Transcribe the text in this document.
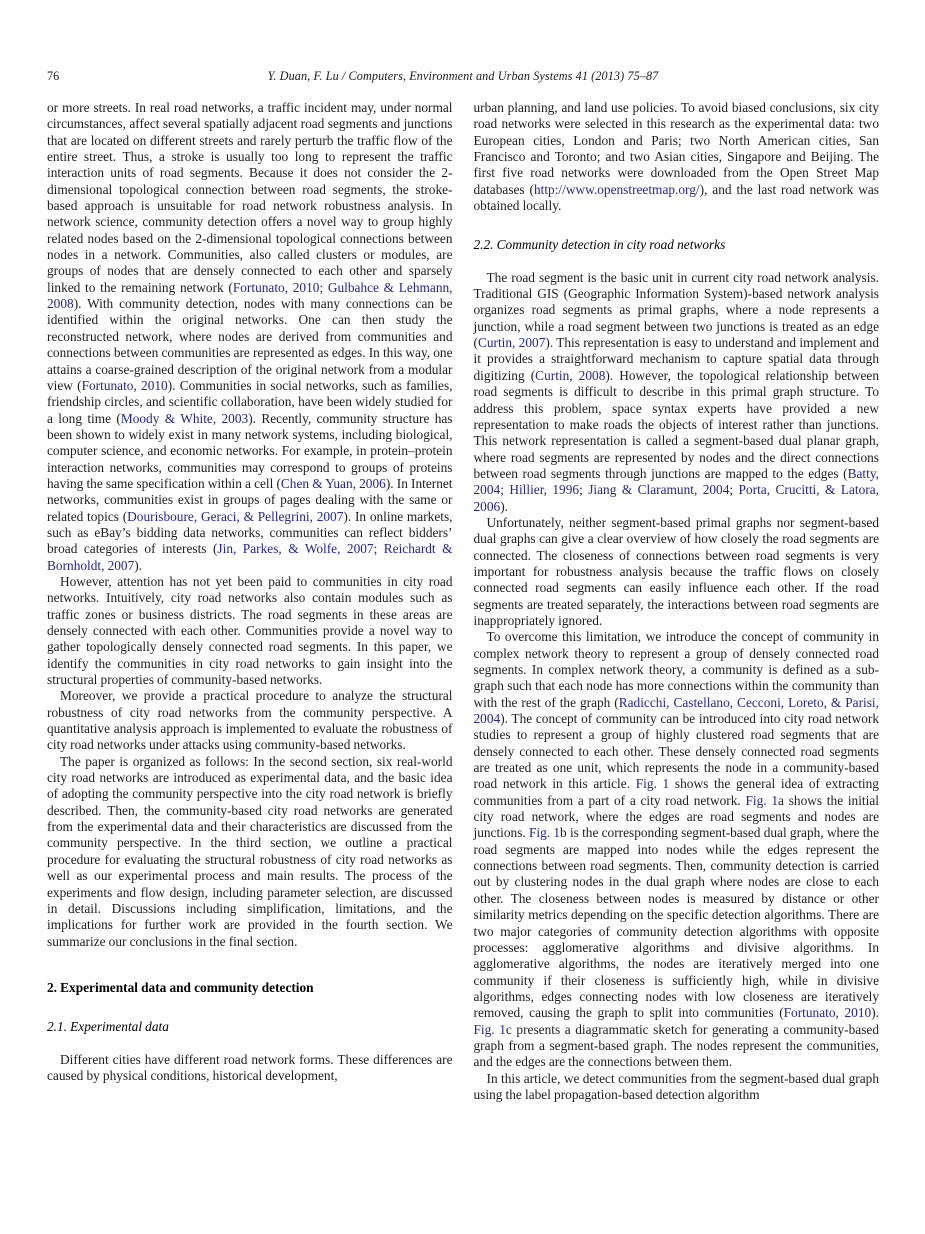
76	Y. Duan, F. Lu / Computers, Environment and Urban Systems 41 (2013) 75–87

or more streets. In real road networks, a traffic incident may, under normal circumstances, affect several spatially adjacent road segments and junctions that are located on different streets and rarely perturb the traffic flow of the entire street. Thus, a stroke is usually too long to represent the traffic interaction units of road segments. Because it does not consider the 2-dimensional topological connection between road segments, the stroke-based approach is unsuitable for road network robustness analysis. In network science, community detection offers a novel way to group highly related nodes based on the 2-dimensional topological connections between nodes in a network. Communities, also called clusters or modules, are groups of nodes that are densely connected to each other and sparsely linked to the remaining network (Fortunato, 2010; Gulbahce & Lehmann, 2008). With community detection, nodes with many connections can be identified within the original networks. One can then study the reconstructed network, where nodes are derived from communities and connections between communities are represented as edges. In this way, one attains a coarse-grained description of the original network from a modular view (Fortunato, 2010). Communities in social networks, such as families, friendship circles, and scientific collaboration, have been widely studied for a long time (Moody & White, 2003). Recently, community structure has been shown to widely exist in many network systems, including biological, computer science, and economic networks. For example, in protein–protein interaction networks, communities may correspond to groups of proteins having the same specification within a cell (Chen & Yuan, 2006). In Internet networks, communities exist in groups of pages dealing with the same or related topics (Dourisboure, Geraci, & Pellegrini, 2007). In online markets, such as eBay’s bidding data networks, communities can reflect bidders’ broad categories of interests (Jin, Parkes, & Wolfe, 2007; Reichardt & Bornholdt, 2007).

However, attention has not yet been paid to communities in city road networks. Intuitively, city road networks also contain modules such as traffic zones or business districts. The road segments in these areas are densely connected with each other. Communities provide a novel way to gather topologically densely connected road segments. In this paper, we identify the communities in city road networks to gain insight into the structural properties of community-based networks.

Moreover, we provide a practical procedure to analyze the structural robustness of city road networks from the community perspective. A quantitative analysis approach is implemented to evaluate the robustness of city road networks under attacks using community-based networks.

The paper is organized as follows: In the second section, six real-world city road networks are introduced as experimental data, and the basic idea of adopting the community perspective into the city road network is briefly described. Then, the community-based city road networks are generated from the experimental data and their characteristics are discussed from the community perspective. In the third section, we outline a practical procedure for evaluating the structural robustness of city road networks as well as our experimental process and main results. The process of the experiments and flow design, including parameter selection, are discussed in detail. Discussions including simplification, limitations, and the implications for further work are provided in the fourth section. We summarize our conclusions in the final section.

2. Experimental data and community detection
2.1. Experimental data

Different cities have different road network forms. These differences are caused by physical conditions, historical development,

urban planning, and land use policies. To avoid biased conclusions, six city road networks were selected in this research as the experimental data: two European cities, London and Paris; two North American cities, San Francisco and Toronto; and two Asian cities, Singapore and Beijing. The first five road networks were downloaded from the Open Street Map databases (http://www.openstreetmap.org/), and the last road network was obtained locally.

2.2. Community detection in city road networks

The road segment is the basic unit in current city road network analysis. Traditional GIS (Geographic Information System)-based network analysis organizes road segments as primal graphs, where a node represents a junction, while a road segment between two junctions is treated as an edge (Curtin, 2007). This representation is easy to understand and implement and it provides a straightforward mechanism to capture spatial data through digitizing (Curtin, 2008). However, the topological relationship between road segments is difficult to describe in this primal graph structure. To address this problem, space syntax experts have provided a new representation to make roads the objects of interest rather than junctions. This network representation is called a segment-based dual planar graph, where road segments are represented by nodes and the direct connections between road segments through junctions are mapped to the edges (Batty, 2004; Hillier, 1996; Jiang & Claramunt, 2004; Porta, Crucitti, & Latora, 2006).

Unfortunately, neither segment-based primal graphs nor segment-based dual graphs can give a clear overview of how closely the road segments are connected. The closeness of connections between road segments is very important for robustness analysis because the traffic flows on closely connected road segments can easily influence each other. If the road segments are treated separately, the interactions between road segments are inappropriately ignored.

To overcome this limitation, we introduce the concept of community in complex network theory to represent a group of densely connected road segments. In complex network theory, a community is defined as a sub-graph such that each node has more connections within the community than with the rest of the graph (Radicchi, Castellano, Cecconi, Loreto, & Parisi, 2004). The concept of community can be introduced into city road network studies to represent a group of highly clustered road segments that are densely connected to each other. These densely connected road segments are treated as one unit, which represents the node in a community-based road network in this article. Fig. 1 shows the general idea of extracting communities from a part of a city road network. Fig. 1a shows the initial city road network, where the edges are road segments and nodes are junctions. Fig. 1b is the corresponding segment-based dual graph, where the road segments are mapped into nodes while the edges represent the connections between road segments. Then, community detection is carried out by clustering nodes in the dual graph where nodes are close to each other. The closeness between nodes is measured by distance or other similarity metrics depending on the specific detection algorithms. There are two major categories of community detection algorithms with opposite processes: agglomerative algorithms and divisive algorithms. In agglomerative algorithms, the nodes are iteratively merged into one community if their closeness is sufficiently high, while in divisive algorithms, edges connecting nodes with low closeness are iteratively removed, causing the graph to split into communities (Fortunato, 2010). Fig. 1c presents a diagrammatic sketch for generating a community-based graph from a segment-based graph. The nodes represent the communities, and the edges are the connections between them.

In this article, we detect communities from the segment-based dual graph using the label propagation-based detection algorithm
